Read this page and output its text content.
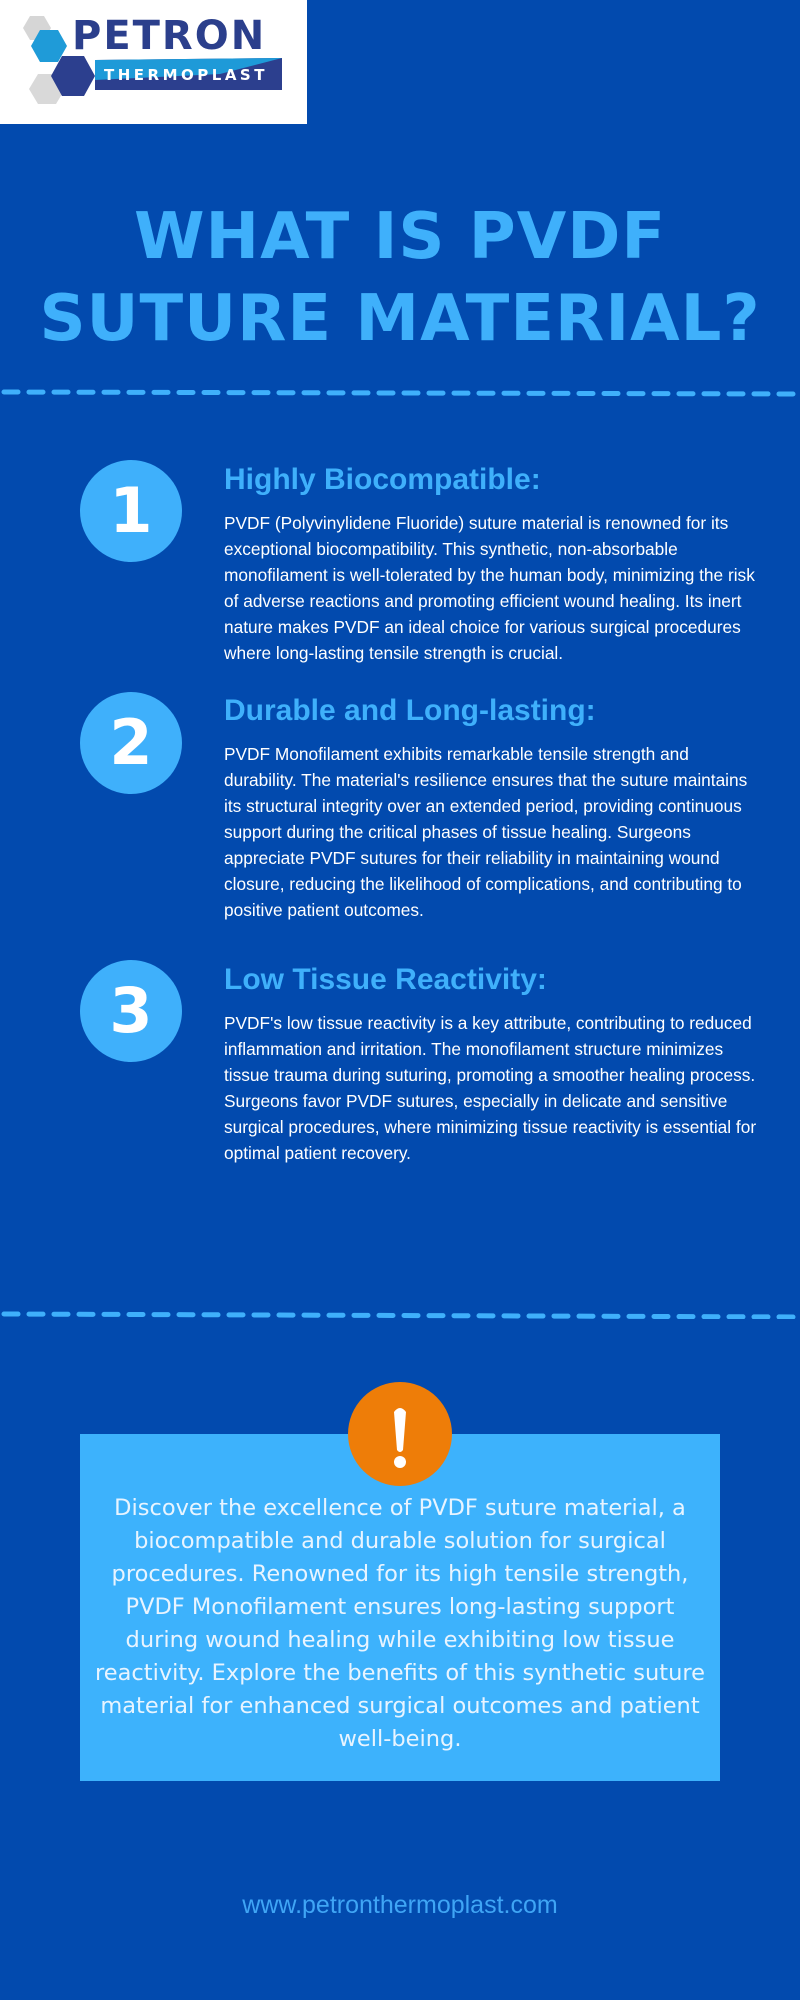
PETRON
THERMOPLAST
WHAT IS PVDF
SUTURE MATERIAL?
1	Highly Biocompatible:

PVDF (Polyvinylidene Fluoride) suture material is renowned for its exceptional biocompatibility. This synthetic, non-absorbable monofilament is well-tolerated by the human body, minimizing the risk of adverse reactions and promoting efficient wound healing. Its inert nature makes PVDF an ideal choice for various surgical procedures where long-lasting tensile strength is crucial.

2	Durable and Long-lasting:

PVDF Monofilament exhibits remarkable tensile strength and durability. The material's resilience ensures that the suture maintains its structural integrity over an extended period, providing continuous support during the critical phases of tissue healing. Surgeons appreciate PVDF sutures for their reliability in maintaining wound closure, reducing the likelihood of complications, and contributing to positive patient outcomes.

3	Low Tissue Reactivity:

PVDF's low tissue reactivity is a key attribute, contributing to reduced inflammation and irritation. The monofilament structure minimizes tissue trauma during suturing, promoting a smoother healing process. Surgeons favor PVDF sutures, especially in delicate and sensitive surgical procedures, where minimizing tissue reactivity is essential for optimal patient recovery.

Discover the excellence of PVDF suture material, a biocompatible and durable solution for surgical procedures. Renowned for its high tensile strength, PVDF Monofilament ensures long-lasting support during wound healing while exhibiting low tissue reactivity. Explore the benefits of this synthetic suture material for enhanced surgical outcomes and patient well-being.

www.petronthermoplast.com
